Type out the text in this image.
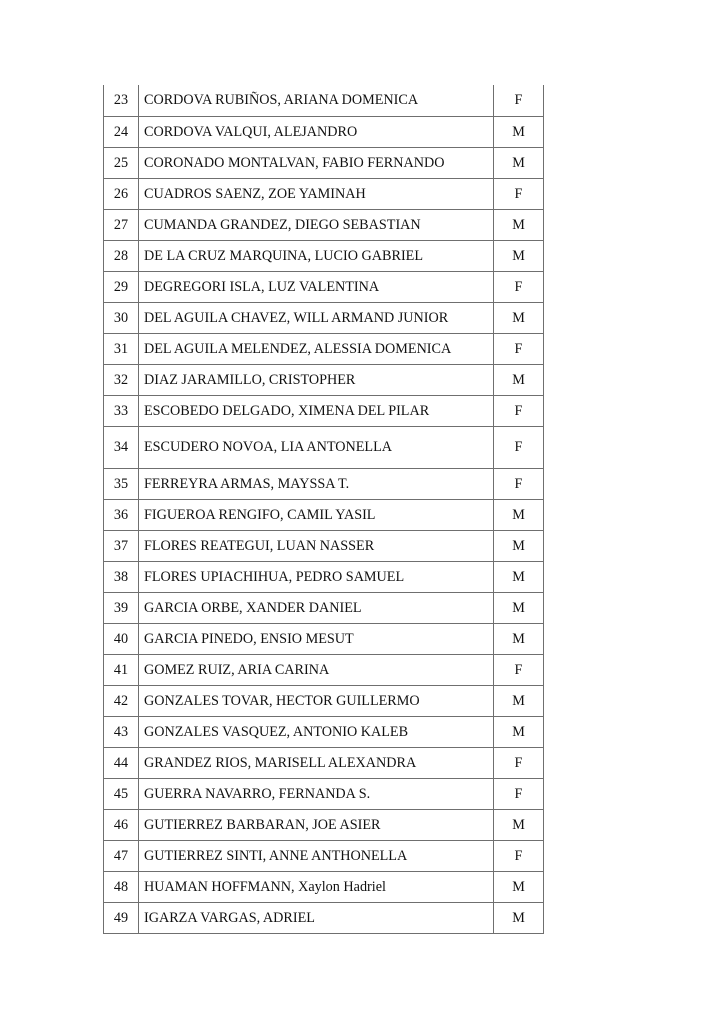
23	CORDOVA RUBIÑOS, ARIANA DOMENICA	F
24	CORDOVA VALQUI, ALEJANDRO	M
25	CORONADO MONTALVAN, FABIO FERNANDO	M
26	CUADROS SAENZ, ZOE YAMINAH	F
27	CUMANDA GRANDEZ, DIEGO SEBASTIAN	M
28	DE LA CRUZ MARQUINA, LUCIO GABRIEL	M
29	DEGREGORI ISLA, LUZ VALENTINA	F
30	DEL AGUILA CHAVEZ, WILL ARMAND JUNIOR	M
31	DEL AGUILA MELENDEZ, ALESSIA DOMENICA	F
32	DIAZ JARAMILLO, CRISTOPHER	M
33	ESCOBEDO DELGADO, XIMENA DEL PILAR	F
34	ESCUDERO NOVOA, LIA ANTONELLA	F
35	FERREYRA ARMAS, MAYSSA T.	F
36	FIGUEROA RENGIFO, CAMIL YASIL	M
37	FLORES REATEGUI, LUAN NASSER	M
38	FLORES UPIACHIHUA, PEDRO SAMUEL	M
39	GARCIA ORBE, XANDER DANIEL	M
40	GARCIA PINEDO, ENSIO MESUT	M
41	GOMEZ RUIZ, ARIA CARINA	F
42	GONZALES TOVAR, HECTOR GUILLERMO	M
43	GONZALES VASQUEZ, ANTONIO KALEB	M
44	GRANDEZ RIOS, MARISELL ALEXANDRA	F
45	GUERRA NAVARRO, FERNANDA S.	F
46	GUTIERREZ BARBARAN, JOE ASIER	M
47	GUTIERREZ SINTI, ANNE ANTHONELLA	F
48	HUAMAN HOFFMANN, Xaylon Hadriel	M
49	IGARZA VARGAS, ADRIEL	M
